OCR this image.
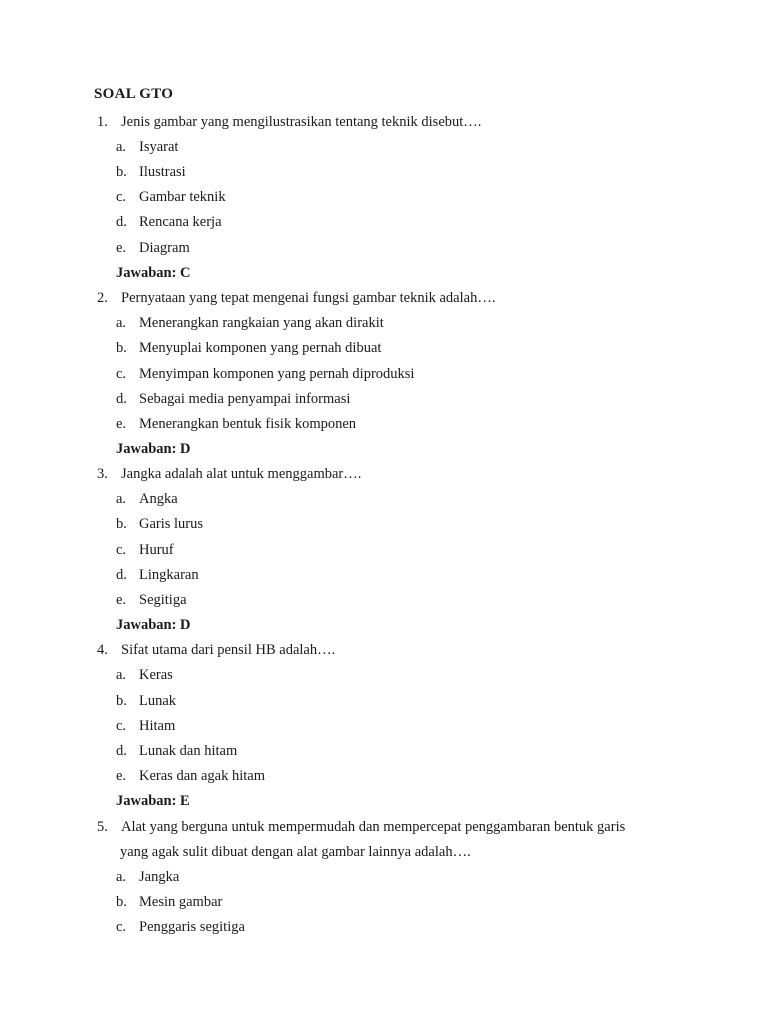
SOAL GTO
1. Jenis gambar yang mengilustrasikan tentang teknik disebut….
a. Isyarat
b. Ilustrasi
c. Gambar teknik
d. Rencana kerja
e. Diagram
Jawaban: C
2. Pernyataan yang tepat mengenai fungsi gambar teknik adalah….
a. Menerangkan rangkaian yang akan dirakit
b. Menyuplai komponen yang pernah dibuat
c. Menyimpan komponen yang pernah diproduksi
d. Sebagai media penyampai informasi
e. Menerangkan bentuk fisik komponen
Jawaban: D
3. Jangka adalah alat untuk menggambar….
a. Angka
b. Garis lurus
c. Huruf
d. Lingkaran
e. Segitiga
Jawaban: D
4. Sifat utama dari pensil HB adalah….
a. Keras
b. Lunak
c. Hitam
d. Lunak dan hitam
e. Keras dan agak hitam
Jawaban: E
5. Alat yang berguna untuk mempermudah dan mempercepat penggambaran bentuk garis
yang agak sulit dibuat dengan alat gambar lainnya adalah….
a. Jangka
b. Mesin gambar
c. Penggaris segitiga
